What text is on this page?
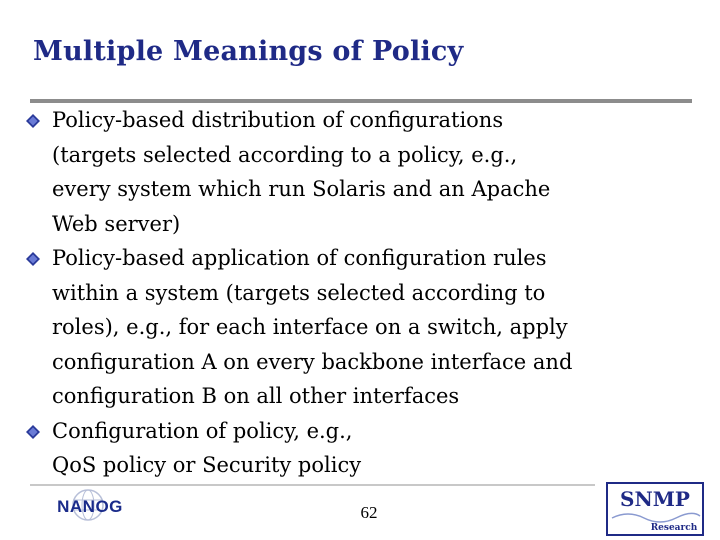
Multiple Meanings of Policy
Policy-based distribution of configurations
(targets selected according to a policy, e.g.,
every system which run Solaris and an Apache
Web server)
Policy-based application of configuration rules
within a system (targets selected according to
roles), e.g., for each interface on a switch, apply
configuration A on every backbone interface and
configuration B on all other interfaces
Configuration of policy, e.g.,
QoS policy or Security policy
NANOG	62
SNMP
Research
